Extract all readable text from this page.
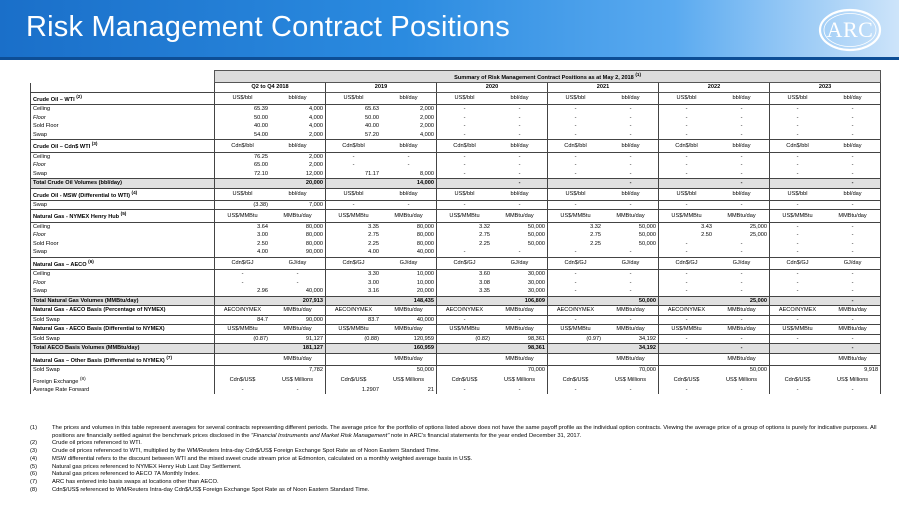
Risk Management Contract Positions	ARC
	Summary of Risk Management Contract Positions as at May 2, 2018 $^{(1)}$
	Q2 to Q4 2018		2019		2020		2021		2022		2023	
Crude Oil – WTI $^{(2)}$	US$/bbl	bbl/day	US$/bbl	bbl/day	US$/bbl	bbl/day	US$/bbl	bbl/day	US$/bbl	bbl/day	US$/bbl	bbl/day
Ceiling	65.39	4,000	65.63	2,000	-	-	-	-	-	-	-	-
Floor	50.00	4,000	50.00	2,000	-	-	-	-	-	-	-	-
Sold Floor	40.00	4,000	40.00	2,000	-	-	-	-	-	-	-	-
Swap	54.00	2,000	57.20	4,000	-	-	-	-	-	-	-	-
Crude Oil – Cdn$ WTI $^{(3)}$	Cdn$/bbl	bbl/day	Cdn$/bbl	bbl/day	Cdn$/bbl	bbl/day	Cdn$/bbl	bbl/day	Cdn$/bbl	bbl/day	Cdn$/bbl	bbl/day
Ceiling	76.25	2,000	-	-	-	-	-	-	-	-	-	-
Floor	65.00	2,000	-	-	-	-	-	-	-	-	-	-
Swap	72.10	12,000	71.17	8,000	-	-	-	-	-	-	-	-
Total Crude Oil Volumes (bbl/day)		20,000		14,000		-		-		-		-
Crude Oil - MSW (Differential to WTI) $^{(4)}$	US$/bbl	bbl/day	US$/bbl	bbl/day	US$/bbl	bbl/day	US$/bbl	bbl/day	US$/bbl	bbl/day	US$/bbl	bbl/day
Swap	(3.38)	7,000	-	-	-	-	-	-	-	-	-	-
Natural Gas - NYMEX Henry Hub $^{(5)}$	US$/MMBtu	MMBtu/day	US$/MMBtu	MMBtu/day	US$/MMBtu	MMBtu/day	US$/MMBtu	MMBtu/day	US$/MMBtu	MMBtu/day	US$/MMBtu	MMBtu/day
Ceiling	3.64	80,000	3.35	80,000	3.32	50,000	3.32	50,000	3.43	25,000	-	-
Floor	3.00	80,000	2.75	80,000	2.75	50,000	2.75	50,000	2.50	25,000	-	-
Sold Floor	2.50	80,000	2.25	80,000	2.25	50,000	2.25	50,000	-	-	-	-
Swap	4.00	90,000	4.00	40,000	-	-	-	-	-	-	-	-
Natural Gas – AECO $^{(6)}$	Cdn$/GJ	GJ/day	Cdn$/GJ	GJ/day	Cdn$/GJ	GJ/day	Cdn$/GJ	GJ/day	Cdn$/GJ	GJ/day	Cdn$/GJ	GJ/day
Ceiling	-	-	3.30	10,000	3.60	30,000	-	-	-	-	-	-
Floor	-	-	3.00	10,000	3.08	30,000	-	-	-	-	-	-
Swap	2.96	40,000	3.16	20,000	3.35	30,000	-	-	-	-	-	-
Total Natural Gas Volumes (MMBtu/day)		207,913		148,435		106,809		50,000		25,000		-
Natural Gas - AECO Basis (Percentage of NYMEX)	AECO/NYMEX	MMBtu/day	AECO/NYMEX	MMBtu/day	AECO/NYMEX	MMBtu/day	AECO/NYMEX	MMBtu/day	AECO/NYMEX	MMBtu/day	AECO/NYMEX	MMBtu/day
Sold Swap	84.7	90,000	83.7	40,000	-	-	-	-	-	-	-	-
Natural Gas - AECO Basis (Differential to NYMEX)	US$/MMBtu	MMBtu/day	US$/MMBtu	MMBtu/day	US$/MMBtu	MMBtu/day	US$/MMBtu	MMBtu/day	US$/MMBtu	MMBtu/day	US$/MMBtu	MMBtu/day
Sold Swap	(0.87)	91,127	(0.88)	120,959	(0.82)	98,361	(0.97)	34,192	-	-	-	-
Total AECO Basis Volumes (MMBtu/day)		181,127		160,959		98,361		34,192		-		-
Natural Gas – Other Basis (Differential to NYMEX) $^{(7)}$		MMBtu/day		MMBtu/day		MMBtu/day		MMBtu/day		MMBtu/day		MMBtu/day
Sold Swap		7,782		50,000		70,000		70,000		50,000		9,918
Foreign Exchange $^{(8)}$	Cdn$/US$	US$ Millions	Cdn$/US$	US$ Millions	Cdn$/US$	US$ Millions	Cdn$/US$	US$ Millions	Cdn$/US$	US$ Millions	Cdn$/US$	US$ Millions
Average Rate Forward	-	-	1.2907	21	-	-	-	-	-	-	-	-
(1)	The prices and volumes in this table represent averages for several contracts representing different periods. The average price for the portfolio of options listed above does not have the same payoff profile as the individual option contracts. Viewing the average price of a group of options is purely for indicative purposes. All positions are financially settled against the benchmark prices disclosed in the "Financial Instruments and Market Risk Management" note in ARC's financial statements for the year ended December 31, 2017.
(2)	Crude oil prices referenced to WTI.
(3)	Crude oil prices referenced to WTI, multiplied by the WM/Reuters Intra-day Cdn$/US$ Foreign Exchange Spot Rate as of Noon Eastern Standard Time.
(4)	MSW differential refers to the discount between WTI and the mixed sweet crude stream price at Edmonton, calculated on a monthly weighted average basis in US$.
(5)	Natural gas prices referenced to NYMEX Henry Hub Last Day Settlement.
(6)	Natural gas prices referenced to AECO 7A Monthly Index.
(7)	ARC has entered into basis swaps at locations other than AECO.
(8)	Cdn$/US$ referenced to WM/Reuters Intra-day Cdn$/US$ Foreign Exchange Spot Rate as of Noon Eastern Standard Time.
